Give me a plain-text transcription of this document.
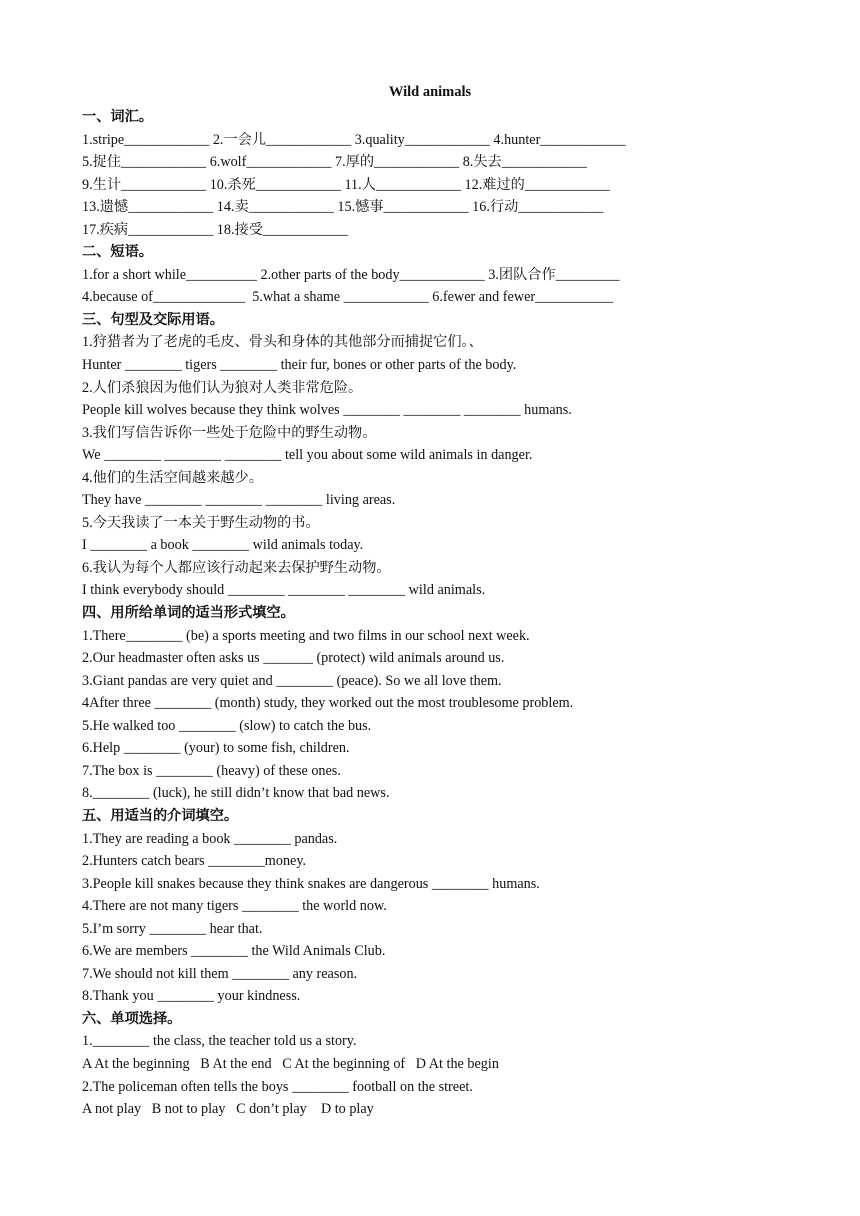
Wild animals
一、词汇。
1.stripe____________ 2.一会儿____________ 3.quality____________ 4.hunter____________
5.捉住____________ 6.wolf____________ 7.厚的____________ 8.失去____________
9.生计____________ 10.杀死____________ 11.人____________ 12.难过的____________
13.遗憾____________ 14.卖____________ 15.憾事____________ 16.行动____________
17.疾病____________ 18.接受____________
二、短语。
1.for a short while__________ 2.other parts of the body____________ 3.团队合作_________
4.because of_____________  5.what a shame ____________ 6.fewer and fewer___________
三、句型及交际用语。
1.狩猎者为了老虎的毛皮、骨头和身体的其他部分而捕捉它们。、
Hunter ________ tigers ________ their fur, bones or other parts of the body.
2.人们杀狼因为他们认为狼对人类非常危险。
People kill wolves because they think wolves ________ ________ ________ humans.
3.我们写信告诉你一些处于危险中的野生动物。
We ________ ________ ________ tell you about some wild animals in danger.
4.他们的生活空间越来越少。
They have ________ ________ ________ living areas.
5.今天我读了一本关于野生动物的书。
I ________ a book ________ wild animals today.
6.我认为每个人都应该行动起来去保护野生动物。
I think everybody should ________ ________ ________ wild animals.
四、用所给单词的适当形式填空。
1.There________ (be) a sports meeting and two films in our school next week.
2.Our headmaster often asks us _______ (protect) wild animals around us.
3.Giant pandas are very quiet and ________ (peace). So we all love them.
4After three ________ (month) study, they worked out the most troublesome problem.
5.He walked too ________ (slow) to catch the bus.
6.Help ________ (your) to some fish, children.
7.The box is ________ (heavy) of these ones.
8.________ (luck), he still didn’t know that bad news.
五、用适当的介词填空。
1.They are reading a book ________ pandas.
2.Hunters catch bears ________money.
3.People kill snakes because they think snakes are dangerous ________ humans.
4.There are not many tigers ________ the world now.
5.I’m sorry ________ hear that.
6.We are members ________ the Wild Animals Club.
7.We should not kill them ________ any reason.
8.Thank you ________ your kindness.
六、单项选择。
1.________ the class, the teacher told us a story.
A At the beginning   B At the end   C At the beginning of   D At the begin
2.The policeman often tells the boys ________ football on the street.
A not play   B not to play   C don’t play    D to play
